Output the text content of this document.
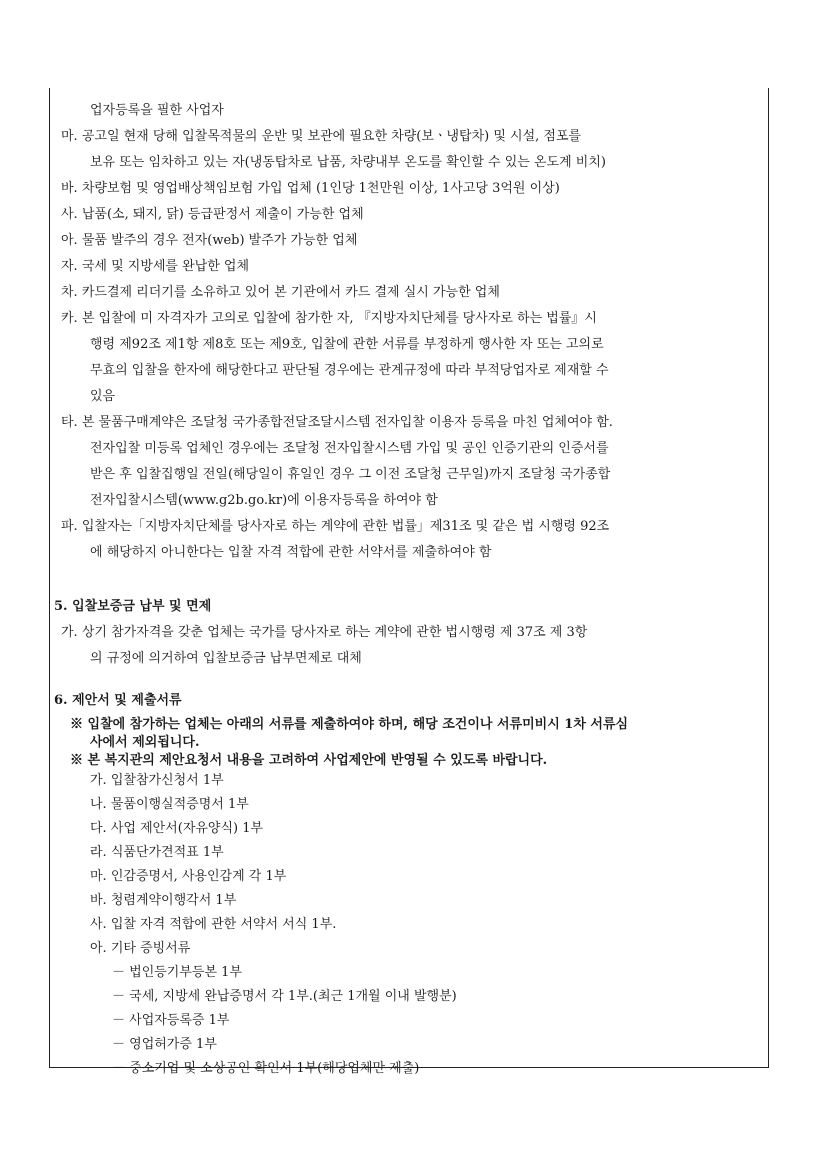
업자등록을 필한 사업자
마. 공고일 현재 당해 입찰목적물의 운반 및 보관에 필요한 차량(보ㆍ냉탑차) 및 시설, 점포를
보유 또는 임차하고 있는 자(냉동탑차로 납품, 차량내부 온도를 확인할 수 있는 온도계 비치)
바. 차량보험 및 영업배상책임보험 가입 업체 (1인당 1천만원 이상, 1사고당 3억원 이상)
사. 납품(소, 돼지, 닭) 등급판정서 제출이 가능한 업체
아. 물품 발주의 경우 전자(web) 발주가 가능한 업체
자. 국세 및 지방세를 완납한 업체
차. 카드결제 리더기를 소유하고 있어 본 기관에서 카드 결제 실시 가능한 업체
카. 본 입찰에 미 자격자가 고의로 입찰에 참가한 자, 『지방자치단체를 당사자로 하는 법률』시
행령 제92조 제1항 제8호 또는 제9호, 입찰에 관한 서류를 부정하게 행사한 자 또는 고의로
무효의 입찰을 한자에 해당한다고 판단될 경우에는 관계규정에 따라 부적당업자로 제재할 수
있음
타. 본 물품구매계약은 조달청 국가종합전달조달시스템 전자입찰 이용자 등록을 마친 업체여야 함.
전자입찰 미등록 업체인 경우에는 조달청 전자입찰시스템 가입 및 공인 인증기관의 인증서를
받은 후 입찰집행일 전일(해당일이 휴일인 경우 그 이전 조달청 근무일)까지 조달청 국가종합
전자입찰시스템(www.g2b.go.kr)에 이용자등록을 하여야 함
파. 입찰자는「지방자치단체를 당사자로 하는 계약에 관한 법률」제31조 및 같은 법 시행령 92조
에 해당하지 아니한다는 입찰 자격 적합에 관한 서약서를 제출하여야 함
5. 입찰보증금 납부 및 면제
가. 상기 참가자격을 갖춘 업체는 국가를 당사자로 하는 계약에 관한 법시행령 제 37조 제 3항
의 규정에 의거하여 입찰보증금 납부면제로 대체
6. 제안서 및 제출서류
※ 입찰에 참가하는 업체는 아래의 서류를 제출하여야 하며, 해당 조건이나 서류미비시 1차 서류심
사에서 제외됩니다.
※ 본 복지관의 제안요청서 내용을 고려하여 사업제안에 반영될 수 있도록 바랍니다.
가. 입찰참가신청서 1부
나. 물품이행실적증명서 1부
다. 사업 제안서(자유양식) 1부
라. 식품단가견적표 1부
마. 인감증명서, 사용인감계 각 1부
바. 청렴계약이행각서 1부
사. 입찰 자격 적합에 관한 서약서 서식 1부.
아. 기타 증빙서류
－ 법인등기부등본 1부
－ 국세, 지방세 완납증명서 각 1부.(최근 1개월 이내 발행분)
－ 사업자등록증 1부
－ 영업허가증 1부
－ 중소기업 및 소상공인 확인서 1부(해당업체만 제출)
